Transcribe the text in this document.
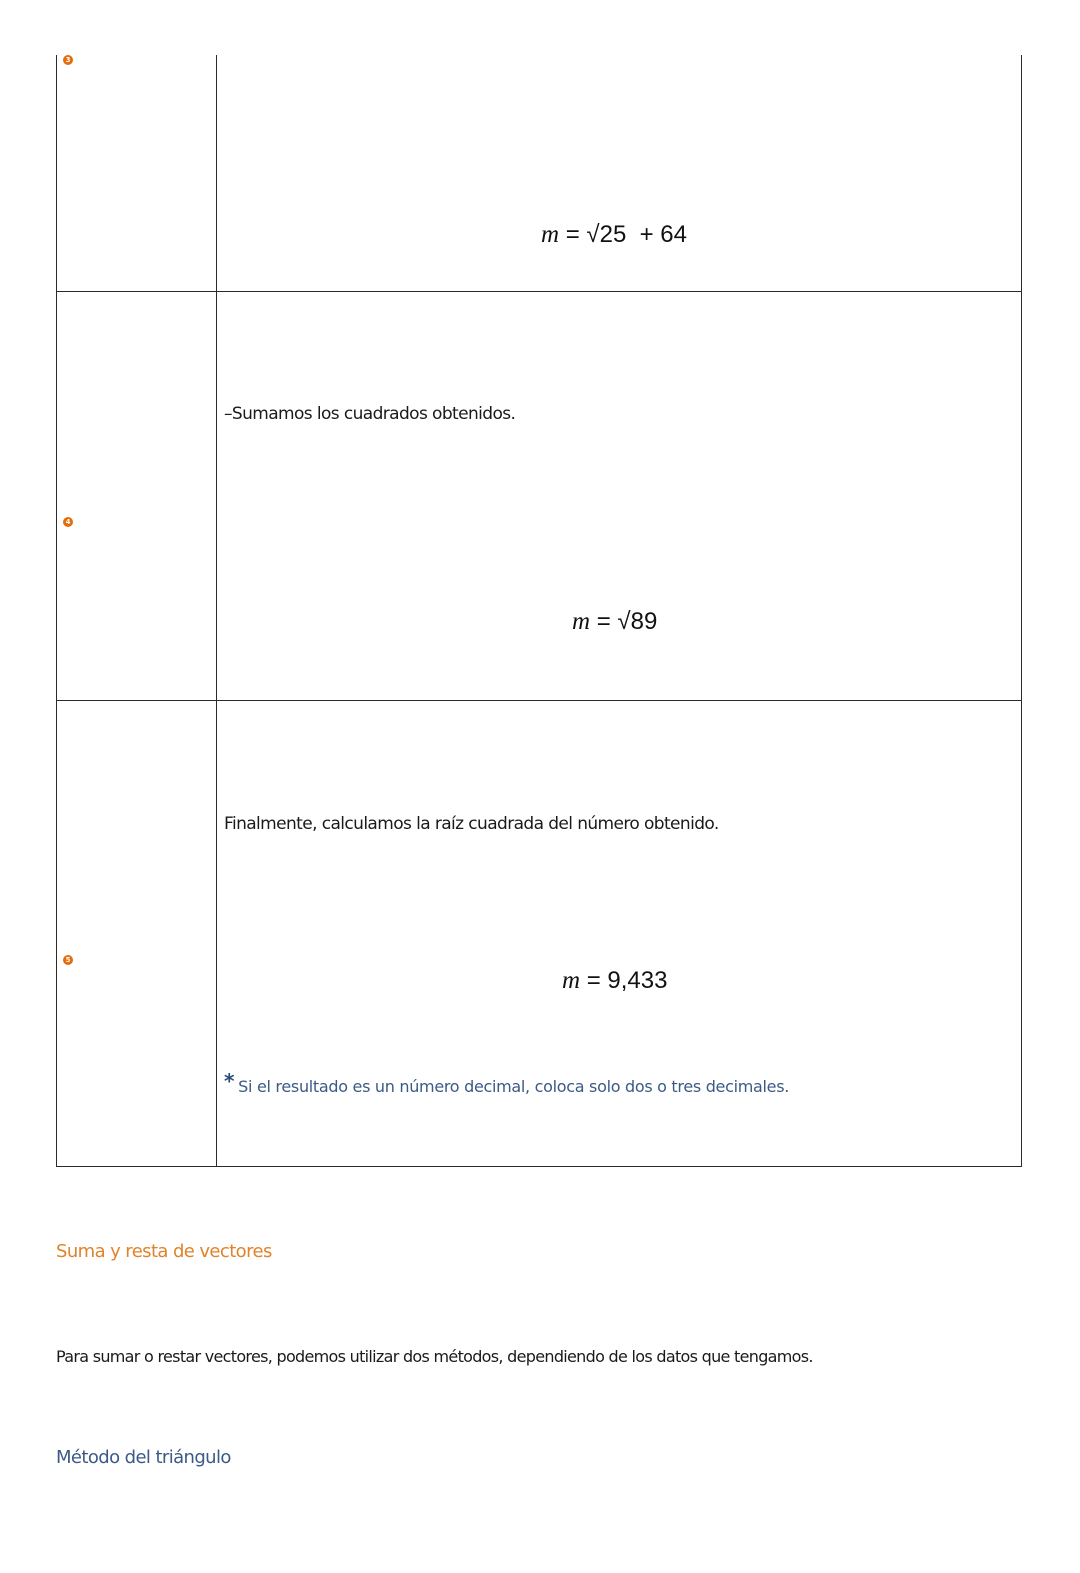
3	m = √25  + 64

4	–Sumamos los cuadrados obtenidos.
m = √89

5	Finalmente, calculamos la raíz cuadrada del número obtenido.
m = 9,433
* Si el resultado es un número decimal, coloca solo dos o tres decimales.
Suma y resta de vectores
Para sumar o restar vectores, podemos utilizar dos métodos, dependiendo de los datos que tengamos.
Método del triángulo
